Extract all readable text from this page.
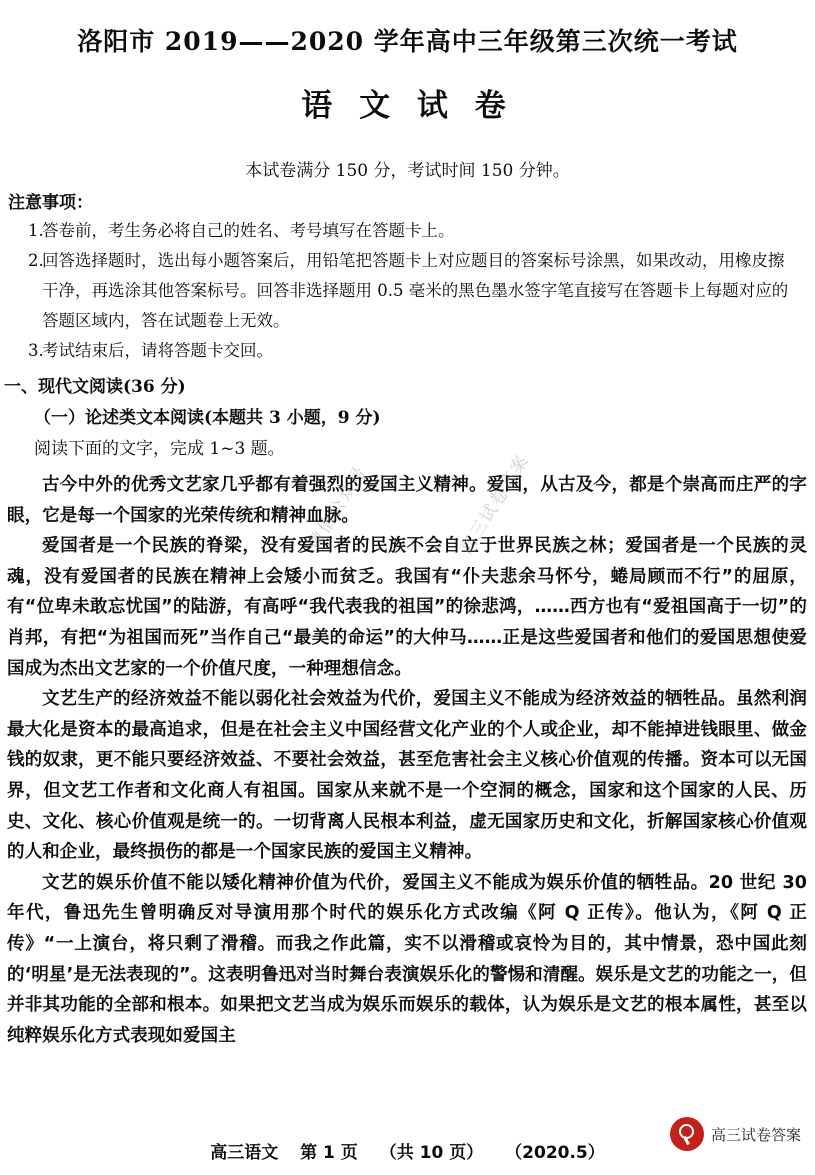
洛阳市 2019——2020 学年高中三年级第三次统一考试
语 文 试 卷
本试卷满分 150 分，考试时间 150 分钟。
注意事项：

1.答卷前，考生务必将自己的姓名、考号填写在答题卡上。

2.回答选择题时，选出每小题答案后，用铅笔把答题卡上对应题目的答案标号涂黑，如果改动，用橡皮擦干净，再选涂其他答案标号。回答非选择题用 0.5 毫米的黑色墨水签字笔直接写在答题卡上每题对应的答题区域内，答在试题卷上无效。

3.考试结束后，请将答题卡交回。

一、现代文阅读(36 分)
（一）论述类文本阅读(本题共 3 小题，9 分)
阅读下面的文字，完成 1~3 题。

古今中外的优秀文艺家几乎都有着强烈的爱国主义精神。爱国，从古及今，都是个崇高而庄严的字眼，它是每一个国家的光荣传统和精神血脉。

爱国者是一个民族的脊梁，没有爱国者的民族不会自立于世界民族之林；爱国者是一个民族的灵魂，没有爱国者的民族在精神上会矮小而贫乏。我国有“仆夫悲余马怀兮，蜷局顾而不行”的屈原，有“位卑未敢忘忧国”的陆游，有高呼“我代表我的祖国”的徐悲鸿，……西方也有“爱祖国高于一切”的肖邦，有把“为祖国而死”当作自己“最美的命运”的大仲马……正是这些爱国者和他们的爱国思想使爱国成为杰出文艺家的一个价值尺度，一种理想信念。

文艺生产的经济效益不能以弱化社会效益为代价，爱国主义不能成为经济效益的牺牲品。虽然利润最大化是资本的最高追求，但是在社会主义中国经营文化产业的个人或企业，却不能掉进钱眼里、做金钱的奴隶，更不能只要经济效益、不要社会效益，甚至危害社会主义核心价值观的传播。资本可以无国界，但文艺工作者和文化商人有祖国。国家从来就不是一个空洞的概念，国家和这个国家的人民、历史、文化、核心价值观是统一的。一切背离人民根本利益，虚无国家历史和文化，折解国家核心价值观的人和企业，最终损伤的都是一个国家民族的爱国主义精神。

文艺的娱乐价值不能以矮化精神价值为代价，爱国主义不能成为娱乐价值的牺牲品。20 世纪 30 年代，鲁迅先生曾明确反对导演用那个时代的娱乐化方式改编《阿 Q 正传》。他认为，《阿 Q 正传》“一上演台，将只剩了滑稽。而我之作此篇，实不以滑稽或哀怜为目的，其中情景，恐中国此刻的‘明星’是无法表现的”。这表明鲁迅对当时舞台表演娱乐化的警惕和清醒。娱乐是文艺的功能之一，但并非其功能的全部和根本。如果把文艺当成为娱乐而娱乐的载体，认为娱乐是文艺的根本属性，甚至以纯粹娱乐化方式表现如爱国主

微信公众号	高三试卷答案
高三试卷答案
高三语文 第 1 页 （共 10 页） （2020.5）
